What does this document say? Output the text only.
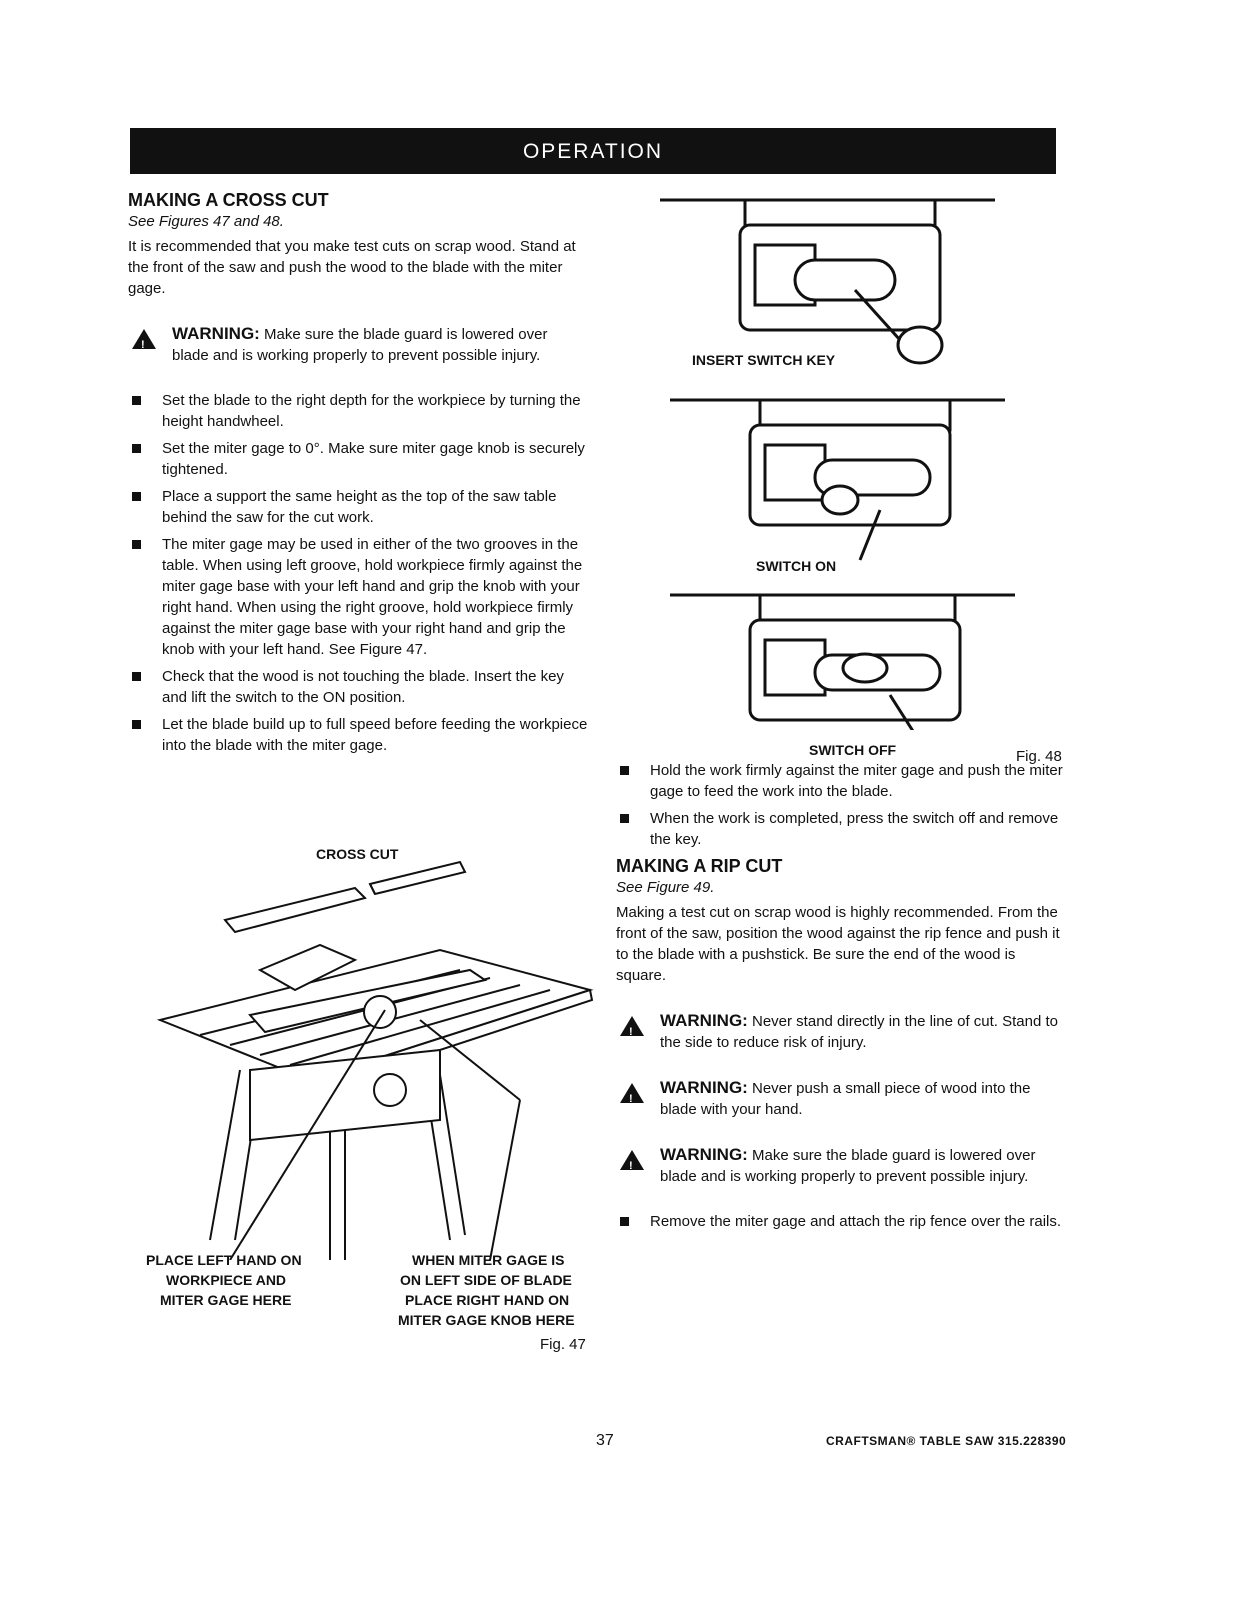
OPERATION
MAKING A CROSS CUT
See Figures 47 and 48.

It is recommended that you make test cuts on scrap wood. Stand at the front of the saw and push the wood to the blade with the miter gage.

!
WARNING: Make sure the blade guard is lowered over blade and is working properly to prevent possible injury.
Set the blade to the right depth for the workpiece by turning the height handwheel.
Set the miter gage to 0°. Make sure miter gage knob is securely tightened.
Place a support the same height as the top of the saw table behind the saw for the cut work.
The miter gage may be used in either of the two grooves in the table. When using left groove, hold workpiece firmly against the miter gage base with your left hand and grip the knob with your right hand. When using the right groove, hold workpiece firmly against the miter gage base with your right hand and grip the knob with your left hand. See Figure 47.
Check that the wood is not touching the blade. Insert the key and lift the switch to the ON position.
Let the blade build up to full speed before feeding the workpiece into the blade with the miter gage.
CROSS CUT
PLACE LEFT HAND ON
WORKPIECE AND
MITER GAGE HERE
WHEN MITER GAGE IS
ON LEFT SIDE OF BLADE
PLACE RIGHT HAND ON
MITER GAGE KNOB HERE
Fig. 47
INSERT SWITCH KEY
SWITCH ON
SWITCH OFF	Fig. 48
Hold the work firmly against the miter gage and push the miter gage to feed the work into the blade.
When the work is completed, press the switch off and remove the key.
MAKING A RIP CUT
See Figure 49.

Making a test cut on scrap wood is highly recommended. From the front of the saw, position the wood against the rip fence and push it to the blade with a pushstick. Be sure the end of the wood is square.

!
WARNING: Never stand directly in the line of cut. Stand to the side to reduce risk of injury.
!
WARNING: Never push a small piece of wood into the blade with your hand.
!
WARNING: Make sure the blade guard is lowered over blade and is working properly to prevent possible injury.
Remove the miter gage and attach the rip fence over the rails.
37	CRAFTSMAN® TABLE SAW 315.228390
